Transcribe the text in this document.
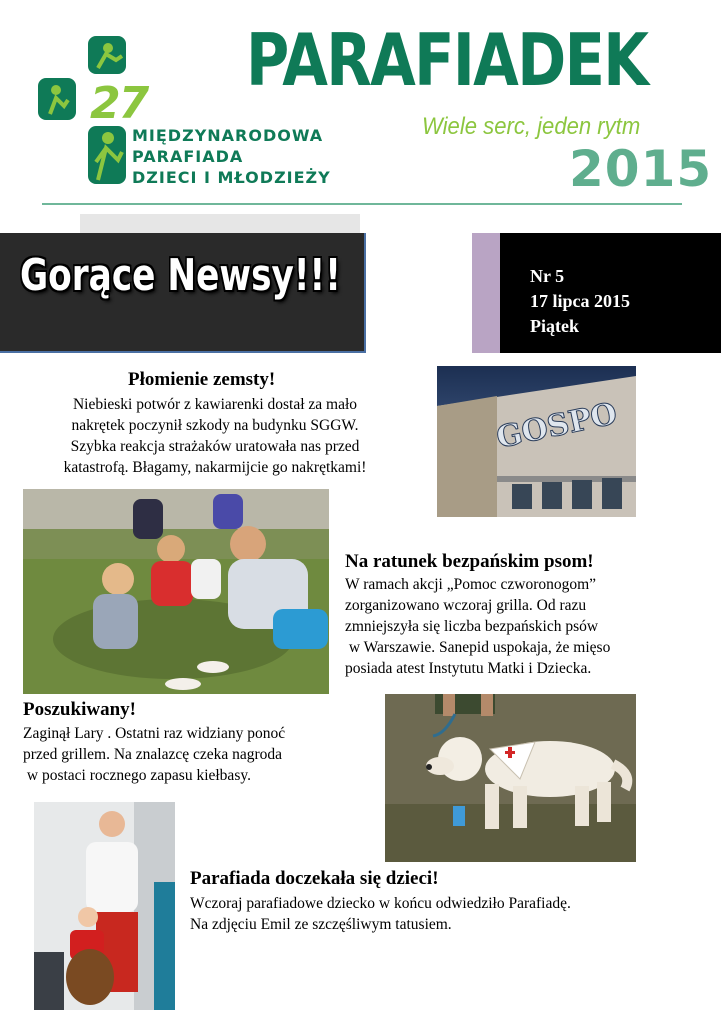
27
MIĘDZYNARODOWA
PARAFIADA
DZIECI I MŁODZIEŻY
PARAFIADEK
Wiele serc, jeden rytm
2015
Gorące Newsy!!!	Nr 5
17 lipca 2015
Piątek
Płomienie zemsty!
Niebieski potwór z kawiarenki dostał za mało
nakrętek poczynił szkody na budynku SGGW.
Szybka reakcja strażaków uratowała nas przed
katastrofą. Błagamy, nakarmijcie go nakrętkami!
GOSPO
Na ratunek bezpańskim psom!
W ramach akcji „Pomoc czworonogom”
zorganizowano wczoraj grilla. Od razu
zmniejszyła się liczba bezpańskich psów
w Warszawie. Sanepid uspokaja, że mięso
posiada atest Instytutu Matki i Dziecka.
Poszukiwany!
Zaginął Lary . Ostatni raz widziany ponoć
przed grillem. Na znalazcę czeka nagroda
w postaci rocznego zapasu kiełbasy.
Parafiada doczekała się dzieci!
Wczoraj parafiadowe dziecko w końcu odwiedziło Parafiadę.
Na zdjęciu Emil ze szczęśliwym tatusiem.
